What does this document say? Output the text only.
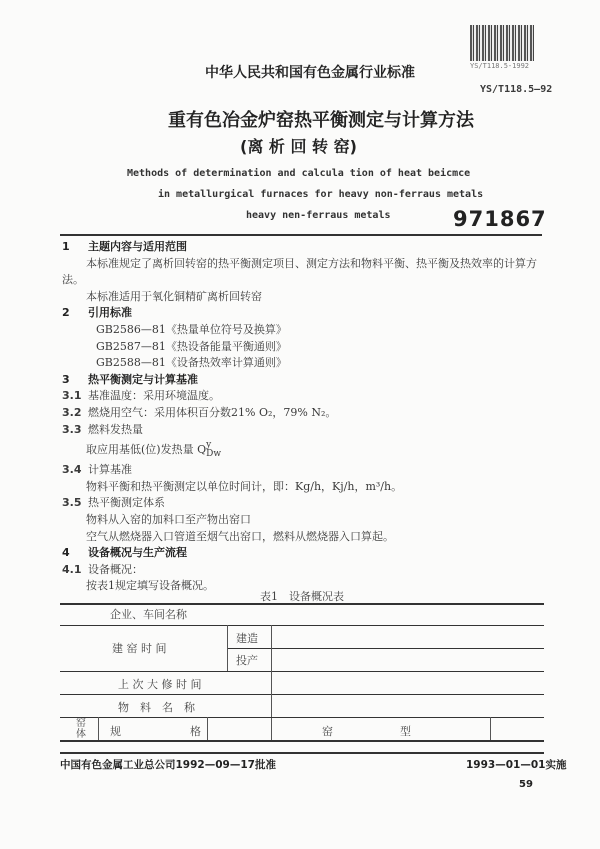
YS/T118.5-1992
中华人民共和国有色金属行业标准
YS/T118.5—92
重有色冶金炉窑热平衡测定与计算方法
(离 析 回 转 窑)
Methods of determination and calcula tion of heat beicmce
in metallurgical furnaces for heavy non-ferraus metals
heavy nen-ferraus metals	971867
1 主题内容与适用范围
本标准规定了离析回转窑的热平衡测定项目、测定方法和物料平衡、热平衡及热效率的计算方
法。
本标准适用于氧化铜精矿离析回转窑
2 引用标准
GB2586—81《热量单位符号及换算》
GB2587—81《热设备能量平衡通则》
GB2588—81《设备热效率计算通则》
3 热平衡测定与计算基准
3.1 基准温度：采用环境温度。
3.2 燃烧用空气：采用体积百分数21% O₂，79% N₂。
3.3 燃料发热量
取应用基低(位)发热量 Qy
Dw
3.4 计算基准
物料平衡和热平衡测定以单位时间计，即：Kg/h，Kj/h，m³/h。
3.5 热平衡测定体系
物料从入窑的加料口至产物出窑口
空气从燃烧器入口管道至烟气出窑口，燃料从燃烧器入口算起。
4 设备概况与生产流程
4.1 设备概况：
按表1规定填写设备概况。
表1　设备概况表
企业、车间名称
建 窑 时 间
建造
投产
上 次 大 修 时 间
物　料　名　称
窑体 规	格	窑	型
中国有色金属工业总公司1992—09—17批准	1993—01—01实施
59
